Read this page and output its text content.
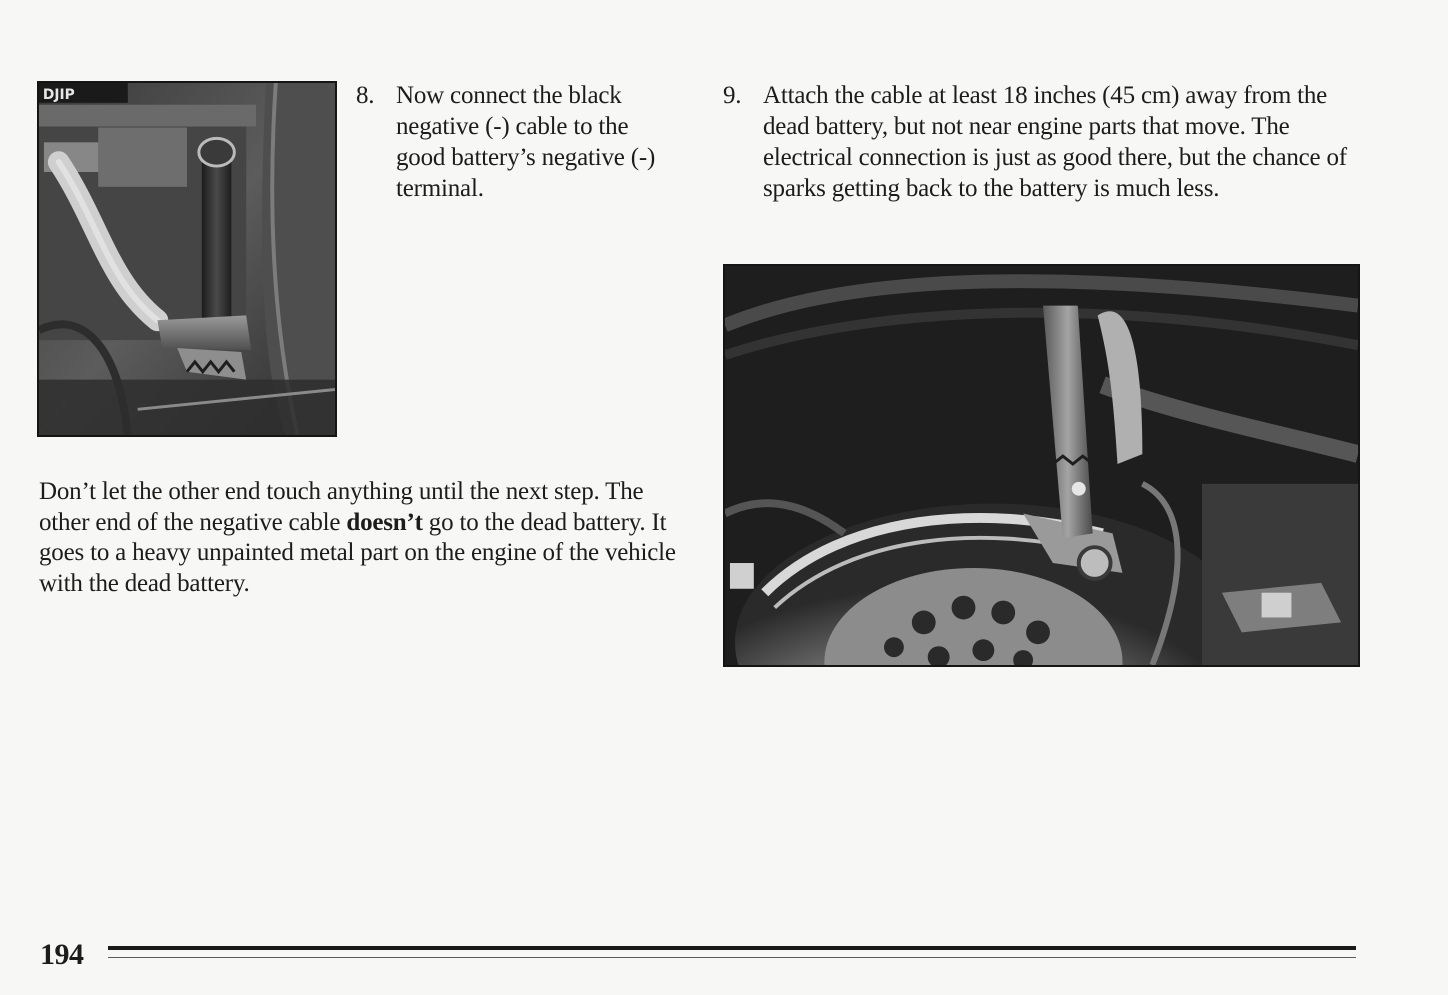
DJIP	8. Now connect the black negative (-) cable to the good battery’s negative (-) terminal.
9. Attach the cable at least 18 inches (45 cm) away from the dead battery, but not near engine parts that move. The electrical connection is just as good there, but the chance of sparks getting back to the battery is much less.
Don’t let the other end touch anything until the next step. The other end of the negative cable doesn’t go to the dead battery. It goes to a heavy unpainted metal part on the engine of the vehicle with the dead battery.
194
